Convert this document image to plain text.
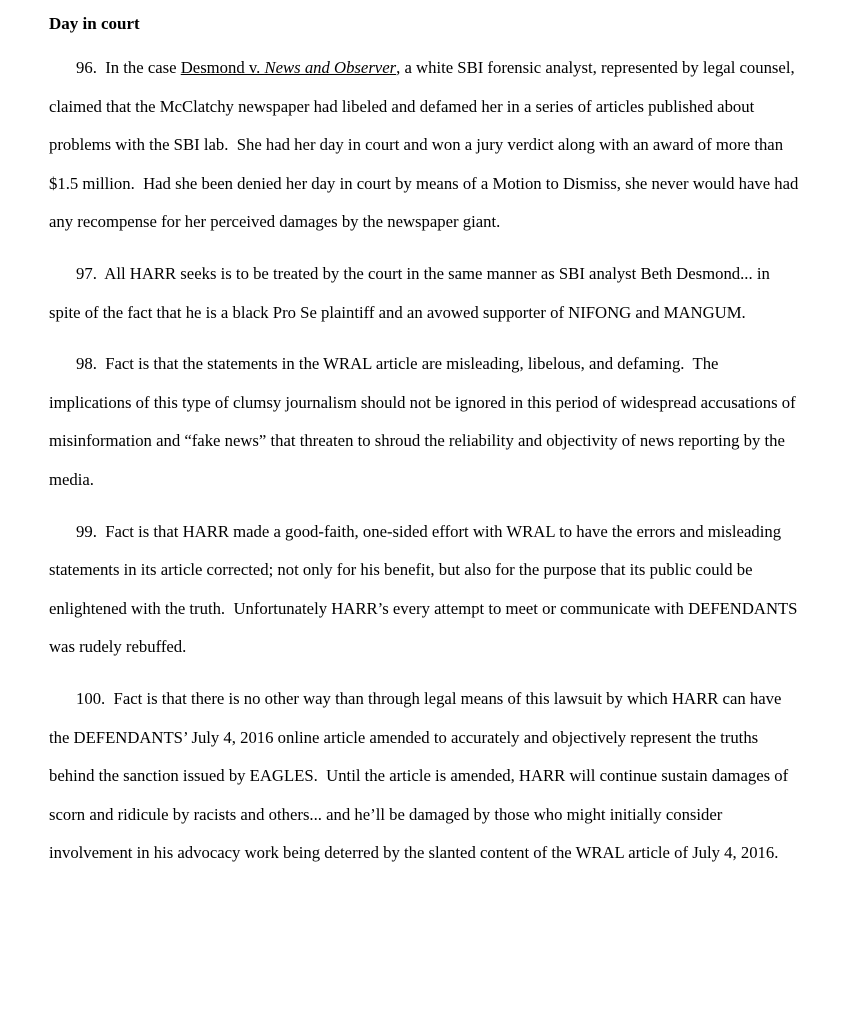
Day in court

96.  In the case Desmond v. News and Observer, a white SBI forensic analyst, represented by legal counsel, claimed that the McClatchy newspaper had libeled and defamed her in a series of articles published about problems with the SBI lab.  She had her day in court and won a jury verdict along with an award of more than $1.5 million.  Had she been denied her day in court by means of a Motion to Dismiss, she never would have had any recompense for her perceived damages by the newspaper giant.

97.  All HARR seeks is to be treated by the court in the same manner as SBI analyst Beth Desmond... in spite of the fact that he is a black Pro Se plaintiff and an avowed supporter of NIFONG and MANGUM.

98.  Fact is that the statements in the WRAL article are misleading, libelous, and defaming.  The implications of this type of clumsy journalism should not be ignored in this period of widespread accusations of misinformation and “fake news” that threaten to shroud the reliability and objectivity of news reporting by the media.

99.  Fact is that HARR made a good-faith, one-sided effort with WRAL to have the errors and misleading statements in its article corrected; not only for his benefit, but also for the purpose that its public could be enlightened with the truth.  Unfortunately HARR’s every attempt to meet or communicate with DEFENDANTS was rudely rebuffed.

100.  Fact is that there is no other way than through legal means of this lawsuit by which HARR can have the DEFENDANTS’ July 4, 2016 online article amended to accurately and objectively represent the truths behind the sanction issued by EAGLES.  Until the article is amended, HARR will continue sustain damages of scorn and ridicule by racists and others... and he’ll be damaged by those who might initially consider involvement in his advocacy work being deterred by the slanted content of the WRAL article of July 4, 2016.
